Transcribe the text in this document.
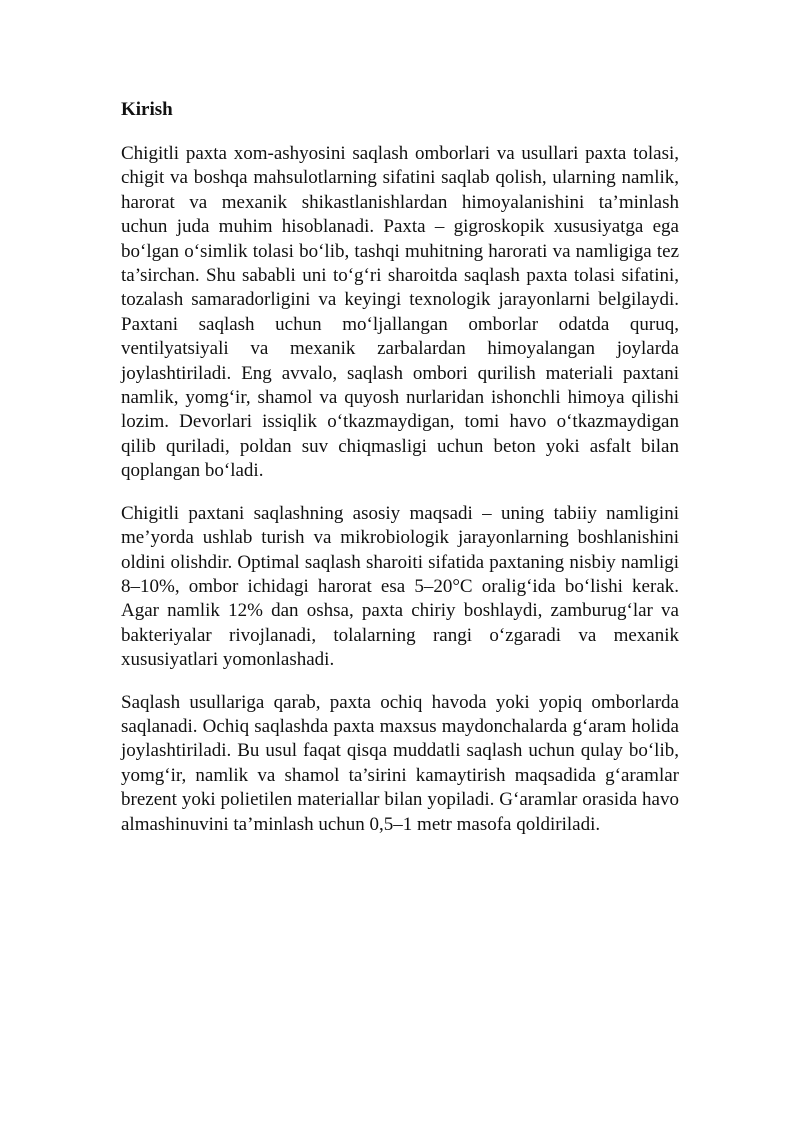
Kirish

Chigitli paxta xom-ashyosini saqlash omborlari va usullari paxta tolasi, chigit va boshqa mahsulotlarning sifatini saqlab qolish, ularning namlik, harorat va mexanik shikastlanishlardan himoyalanishini ta’minlash uchun juda muhim hisoblanadi. Paxta – gigroskopik xususiyatga ega bo‘lgan o‘simlik tolasi bo‘lib, tashqi muhitning harorati va namligiga tez ta’sirchan. Shu sababli uni to‘g‘ri sharoitda saqlash paxta tolasi sifatini, tozalash samaradorligini va keyingi texnologik jarayonlarni belgilaydi. Paxtani saqlash uchun mo‘ljallangan omborlar odatda quruq, ventilyatsiyali va mexanik zarbalardan himoyalangan joylarda joylashtiriladi. Eng avvalo, saqlash ombori qurilish materiali paxtani namlik, yomg‘ir, shamol va quyosh nurlaridan ishonchli himoya qilishi lozim. Devorlari issiqlik o‘tkazmaydigan, tomi havo o‘tkazmaydigan qilib quriladi, poldan suv chiqmasligi uchun beton yoki asfalt bilan qoplangan bo‘ladi.

Chigitli paxtani saqlashning asosiy maqsadi – uning tabiiy namligini me’yorda ushlab turish va mikrobiologik jarayonlarning boshlanishini oldini olishdir. Optimal saqlash sharoiti sifatida paxtaning nisbiy namligi 8–10%, ombor ichidagi harorat esa 5–20°C oralig‘ida bo‘lishi kerak. Agar namlik 12% dan oshsa, paxta chiriy boshlaydi, zamburug‘lar va bakteriyalar rivojlanadi, tolalarning rangi o‘zgaradi va mexanik xususiyatlari yomonlashadi.

Saqlash usullariga qarab, paxta ochiq havoda yoki yopiq omborlarda saqlanadi. Ochiq saqlashda paxta maxsus maydonchalarda g‘aram holida joylashtiriladi. Bu usul faqat qisqa muddatli saqlash uchun qulay bo‘lib, yomg‘ir, namlik va shamol ta’sirini kamaytirish maqsadida g‘aramlar brezent yoki polietilen materiallar bilan yopiladi. G‘aramlar orasida havo almashinuvini ta’minlash uchun 0,5–1 metr masofa qoldiriladi.
